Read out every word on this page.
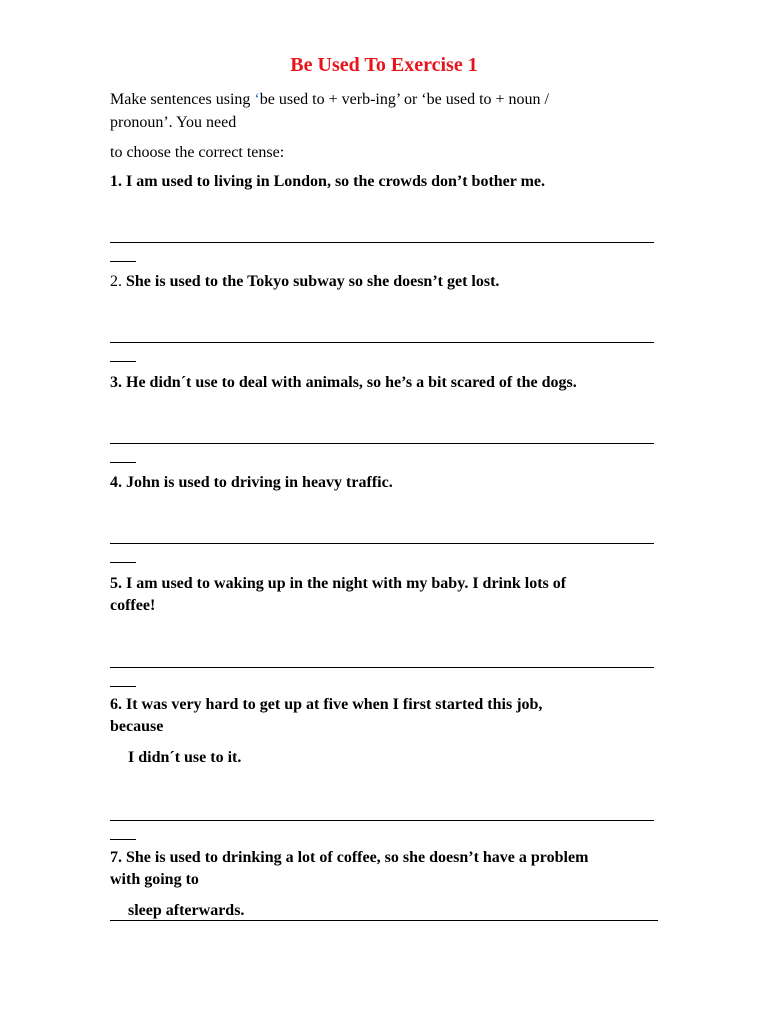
Be Used To Exercise 1
Make sentences using ‘be used to + verb-ing’ or ‘be used to + noun /
pronoun’. You need
to choose the correct tense:
1. I am used to living in London, so the crowds don’t bother me.
2. She is used to the Tokyo subway so she doesn’t get lost.
3. He didn´t use to deal with animals, so he’s a bit scared of the dogs.
4. John is used to driving in heavy traffic.
5. I am used to waking up in the night with my baby. I drink lots of
coffee!
6. It was very hard to get up at five when I first started this job,
because
I didn´t use to it.
7. She is used to drinking a lot of coffee, so she doesn’t have a problem
with going to
sleep afterwards.
